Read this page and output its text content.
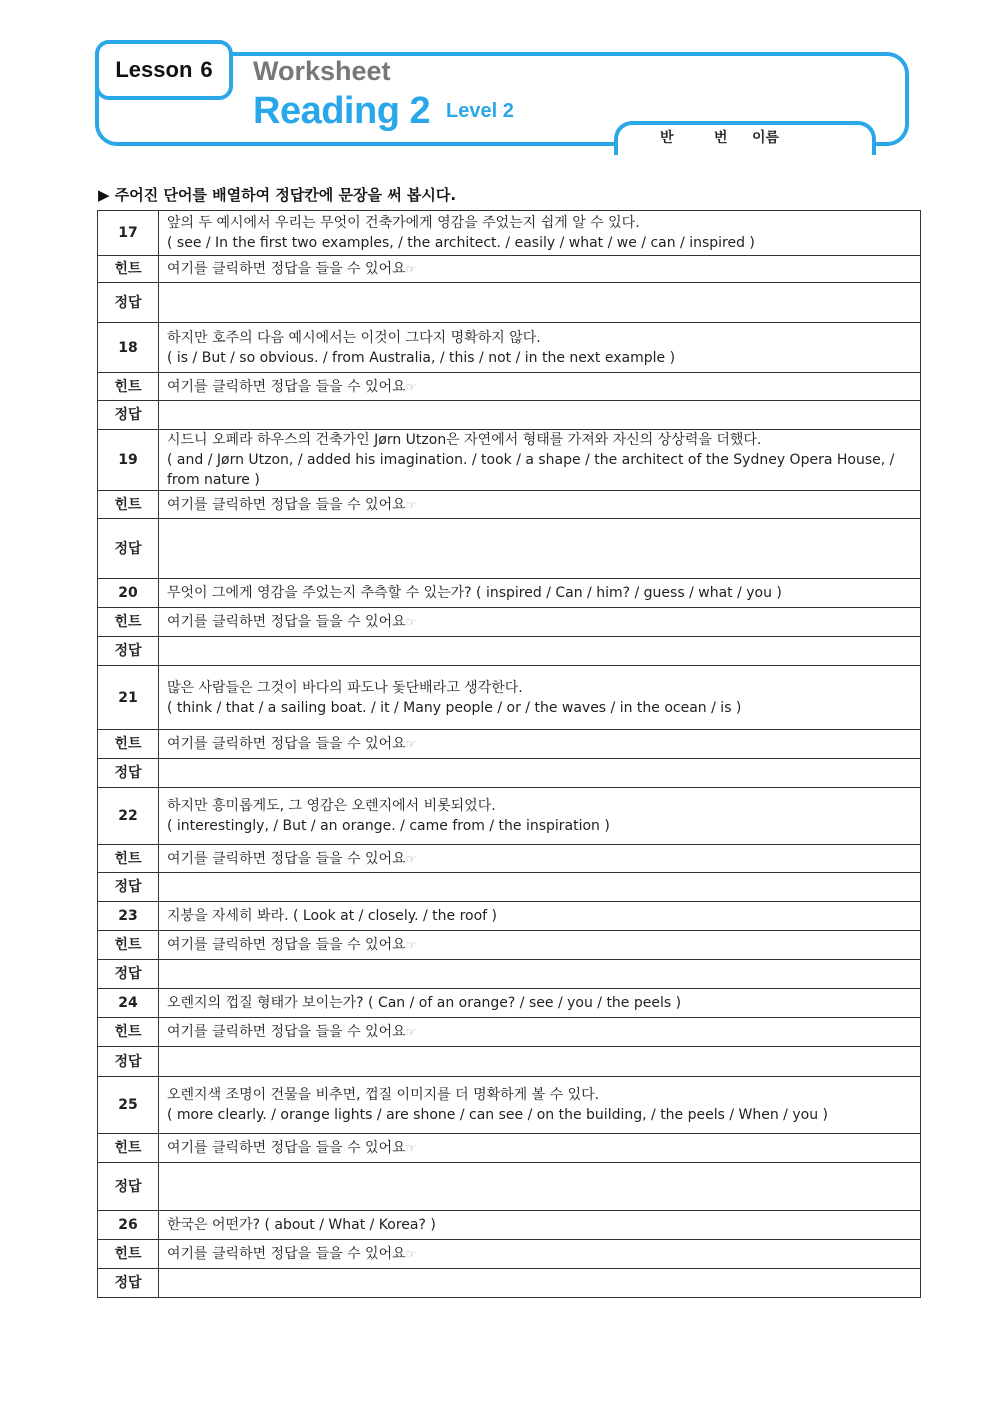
Lesson 6 Worksheet
Reading 2 Level 2
반	번 이름
▶ 주어진 단어를 배열하여 정답칸에 문장을 써 봅시다.
17	앞의 두 예시에서 우리는 무엇이 건축가에게 영감을 주었는지 쉽게 알 수 있다.
( see / In the first two examples, / the architect. / easily / what / we / can / inspired )

힌트	여기를 클릭하면 정답을 들을 수 있어요☞
정답	
18	하지만 호주의 다음 예시에서는 이것이 그다지 명확하지 않다.
( is / But / so obvious. / from Australia, / this / not / in the next example )

힌트	여기를 클릭하면 정답을 들을 수 있어요☞
정답	
19	시드니 오페라 하우스의 건축가인 Jørn Utzon은 자연에서 형태를 가져와 자신의 상상력을 더했다.
( and / Jørn Utzon, / added his imagination. / took / a shape / the architect of the Sydney Opera House, / from nature )

힌트	여기를 클릭하면 정답을 들을 수 있어요☞
정답	
20	무엇이 그에게 영감을 주었는지 추측할 수 있는가? ( inspired / Can / him? / guess / what / you )

힌트	여기를 클릭하면 정답을 들을 수 있어요☞
정답	
21	많은 사람들은 그것이 바다의 파도나 돛단배라고 생각한다.
( think / that / a sailing boat. / it / Many people / or / the waves / in the ocean / is )

힌트	여기를 클릭하면 정답을 들을 수 있어요☞
정답	
22	하지만 흥미롭게도, 그 영감은 오렌지에서 비롯되었다.
( interestingly, / But / an orange. / came from / the inspiration )

힌트	여기를 클릭하면 정답을 들을 수 있어요☞
정답	
23	지붕을 자세히 봐라. ( Look at / closely. / the roof )

힌트	여기를 클릭하면 정답을 들을 수 있어요☞
정답	
24	오렌지의 껍질 형태가 보이는가? ( Can / of an orange? / see / you / the peels )

힌트	여기를 클릭하면 정답을 들을 수 있어요☞
정답	
25	오렌지색 조명이 건물을 비추면, 껍질 이미지를 더 명확하게 볼 수 있다.
( more clearly. / orange lights / are shone / can see / on the building, / the peels / When / you )

힌트	여기를 클릭하면 정답을 들을 수 있어요☞
정답	
26	한국은 어떤가? ( about / What / Korea? )

힌트	여기를 클릭하면 정답을 들을 수 있어요☞
정답	
